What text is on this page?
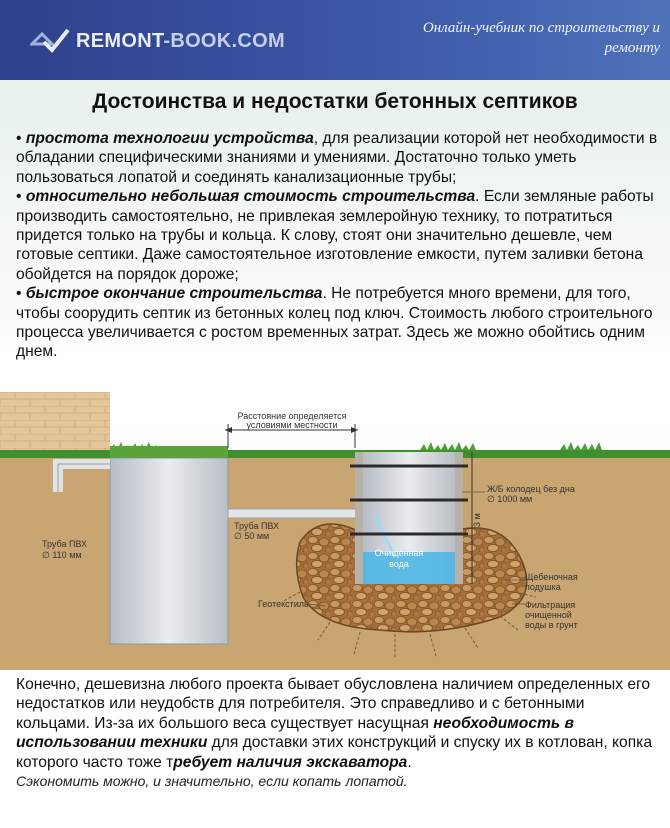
REMONT-BOOK.COM
Онлайн-учебник по строительству и ремонту
Достоинства и недостатки бетонных септиков

• простота технологии устройства, для реализации которой нет необходимости в обладании специфическими знаниями и умениями. Достаточно только уметь пользоваться лопатой и соединять канализационные трубы;

• относительно небольшая стоимость строительства. Если земляные работы производить самостоятельно, не привлекая землеройную технику, то потратиться придется только на трубы и кольца. К слову, стоят они значительно дешевле, чем готовые септики. Даже самостоятельное изготовление емкости, путем заливки бетона обойдется на порядок дороже;

• быстрое окончание строительства. Не потребуется много времени, для того, чтобы соорудить септик из бетонных колец под ключ. Стоимость любого строительного процесса увеличивается с ростом временных затрат. Здесь же можно обойтись одним днем.

Расстояние определяется
условиями местности
3 м
Ж/Б колодец без дна
∅ 1000 мм
Щебеночная
подушка
Фильтрация
очищенной
воды в грунт
Очищенная
вода
Труба ПВХ
∅ 50 мм
Труба ПВХ
∅ 110 мм
Геотекстиль

Конечно, дешевизна любого проекта бывает обусловлена наличием определенных его недостатков или неудобств для потребителя. Это справедливо и с бетонными кольцами. Из-за их большого веса существует насущная необходимость в использовании техники для доставки этих конструкций и спуску их в котлован, копка которого часто тоже требует наличия экскаватора.

Сэкономить можно, и значительно, если копать лопатой.
